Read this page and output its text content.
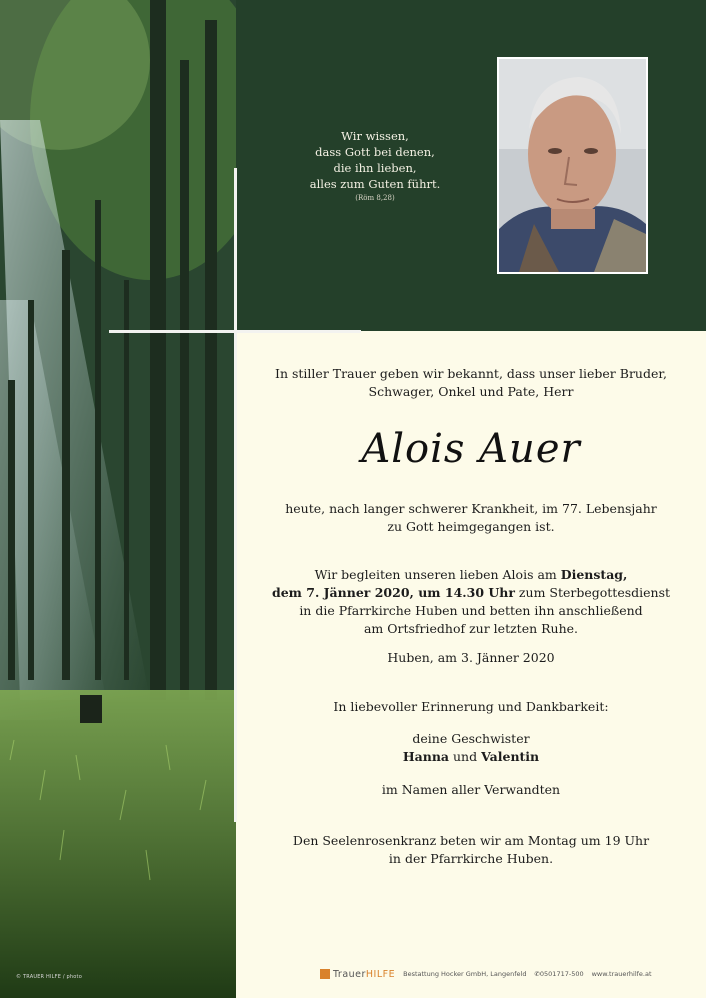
© TRAUER HILFE / photo
Wir wissen,
dass Gott bei denen,
die ihn lieben,
alles zum Guten führt.
(Röm 8,28)
In stiller Trauer geben wir bekannt, dass unser lieber Bruder,
Schwager, Onkel und Pate, Herr
Alois Auer
heute, nach langer schwerer Krankheit, im 77. Lebensjahr
zu Gott heimgegangen ist.
Wir begleiten unseren lieben Alois am Dienstag,
dem 7. Jänner 2020, um 14.30 Uhr zum Sterbegottesdienst
in die Pfarrkirche Huben und betten ihn anschließend
am Ortsfriedhof zur letzten Ruhe.
Huben, am 3. Jänner 2020
In liebevoller Erinnerung und Dankbarkeit:
deine Geschwister
Hanna und Valentin
im Namen aller Verwandten
Den Seelenrosenkranz beten wir am Montag um 19 Uhr
in der Pfarrkirche Huben.
TrauerHILFE Bestattung Hocker GmbH, Langenfeld ✆0501717-500 www.trauerhilfe.at
